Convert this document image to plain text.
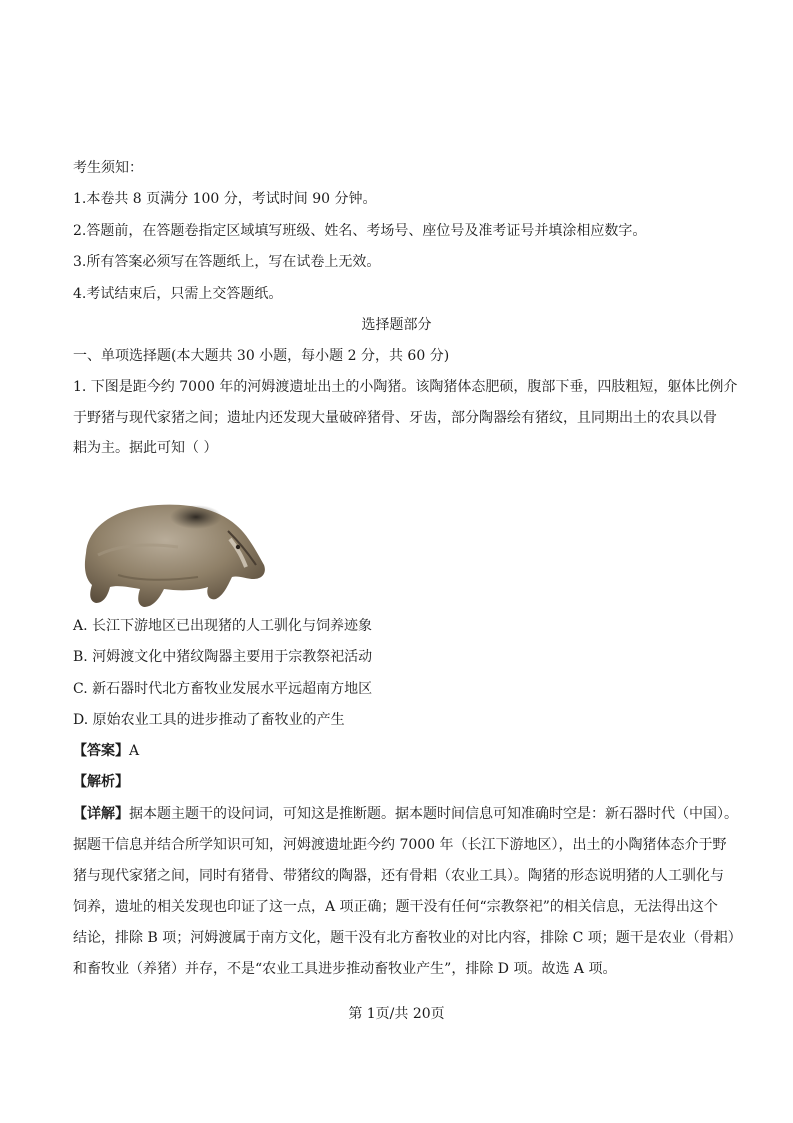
考生须知：
1.本卷共 8 页满分 100 分，考试时间 90 分钟。
2.答题前，在答题卷指定区域填写班级、姓名、考场号、座位号及准考证号并填涂相应数字。
3.所有答案必须写在答题纸上，写在试卷上无效。
4.考试结束后，只需上交答题纸。
选择题部分
一、单项选择题(本大题共 30 小题，每小题 2 分，共 60 分)
1. 下图是距今约 7000 年的河姆渡遗址出土的小陶猪。该陶猪体态肥硕，腹部下垂，四肢粗短，躯体比例介
于野猪与现代家猪之间；遗址内还发现大量破碎猪骨、牙齿，部分陶器绘有猪纹，且同期出土的农具以骨
耜为主。据此可知（ ）
A. 长江下游地区已出现猪的人工驯化与饲养迹象
B. 河姆渡文化中猪纹陶器主要用于宗教祭祀活动
C. 新石器时代北方畜牧业发展水平远超南方地区
D. 原始农业工具的进步推动了畜牧业的产生
【答案】A
【解析】
【详解】据本题主题干的设问词，可知这是推断题。据本题时间信息可知准确时空是：新石器时代（中国）。
据题干信息并结合所学知识可知，河姆渡遗址距今约 7000 年（长江下游地区），出土的小陶猪体态介于野
猪与现代家猪之间，同时有猪骨、带猪纹的陶器，还有骨耜（农业工具）。陶猪的形态说明猪的人工驯化与
饲养，遗址的相关发现也印证了这一点，A 项正确；题干没有任何“宗教祭祀”的相关信息，无法得出这个
结论，排除 B 项；河姆渡属于南方文化，题干没有北方畜牧业的对比内容，排除 C 项；题干是农业（骨耜）
和畜牧业（养猪）并存，不是“农业工具进步推动畜牧业产生”，排除 D 项。故选 A 项。
第 1页/共 20页
